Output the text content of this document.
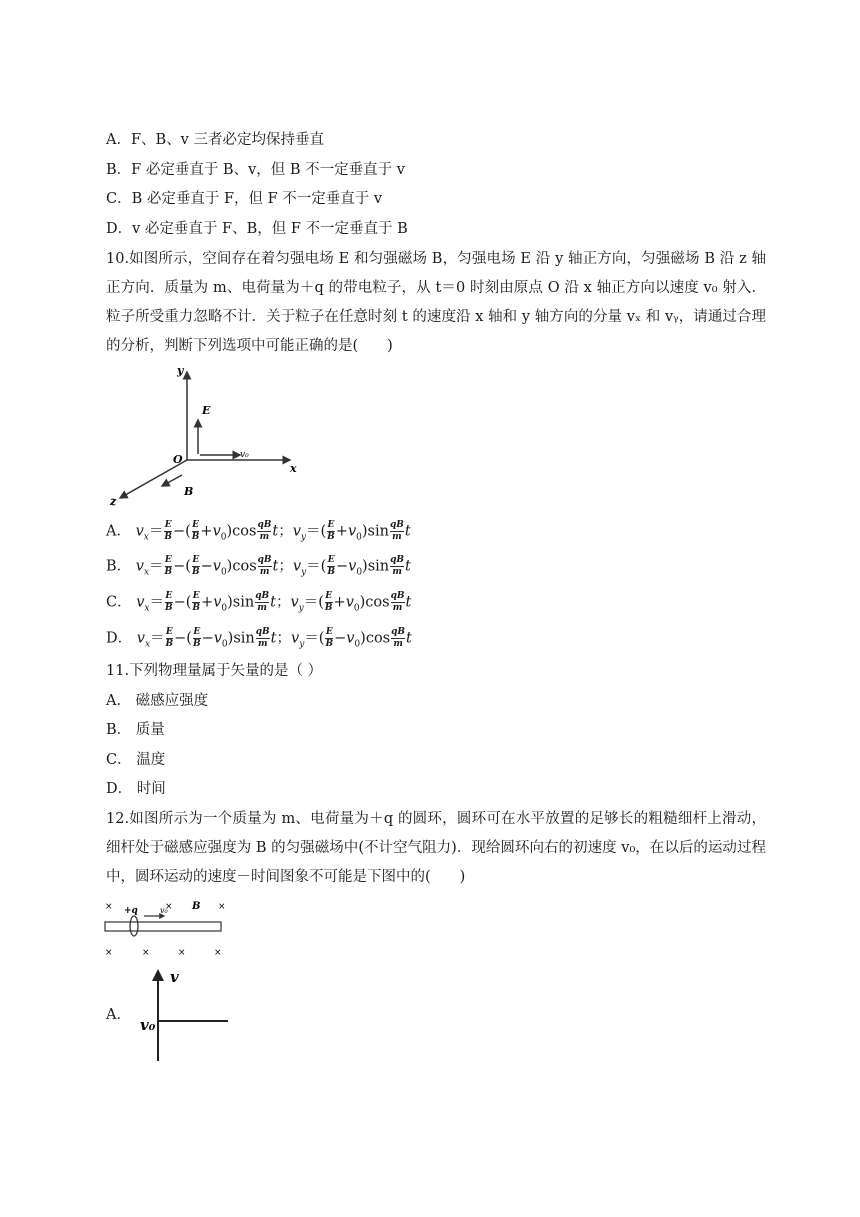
A．F、B、v 三者必定均保持垂直
B．F 必定垂直于 B、v，但 B 不一定垂直于 v
C．B 必定垂直于 F，但 F 不一定垂直于 v
D．v 必定垂直于 F、B，但 F 不一定垂直于 B
10.如图所示，空间存在着匀强电场 E 和匀强磁场 B，匀强电场 E 沿 y 轴正方向，匀强磁场 B 沿 z 轴正方向．质量为 m、电荷量为＋q 的带电粒子，从 t＝0 时刻由原点 O 沿 x 轴正方向以速度 v₀ 射入．粒子所受重力忽略不计．关于粒子在任意时刻 t 的速度沿 x 轴和 y 轴方向的分量 vₓ 和 vᵧ，请通过合理的分析，判断下列选项中可能正确的是(　　)
y
x
z
O
E
v₀
B
A． $v_x= \frac{E}{B}$ −( $\frac{E}{B} +v_0)\cos \frac{qB}{m}$ t；$v_y=( \frac{E}{B} +v_0)\sin \frac{qB}{m}$ t
B． $v_x= \frac{E}{B}$ −( $\frac{E}{B} -v_0)\cos \frac{qB}{m}$ t；$v_y=( \frac{E}{B} -v_0)\sin \frac{qB}{m}$ t
C． $v_x= \frac{E}{B}$ −( $\frac{E}{B} +v_0)\sin \frac{qB}{m}$ t；$v_y=( \frac{E}{B} +v_0)\cos \frac{qB}{m}$ t
D． $v_x= \frac{E}{B}$ −( $\frac{E}{B} -v_0)\sin \frac{qB}{m}$ t；$v_y=( \frac{E}{B} -v_0)\cos \frac{qB}{m}$ t
11.下列物理量属于矢量的是（ ）
A． 磁感应强度
B． 质量
C． 温度
D． 时间
12.如图所示为一个质量为 m、电荷量为＋q 的圆环，圆环可在水平放置的足够长的粗糙细杆上滑动，细杆处于磁感应强度为 B 的匀强磁场中(不计空气阻力)．现给圆环向右的初速度 v₀，在以后的运动过程中，圆环运动的速度－时间图象不可能是下图中的(　　)
×	×	×
+q	v₀ B
×	×	×	×
A．
v
v₀
